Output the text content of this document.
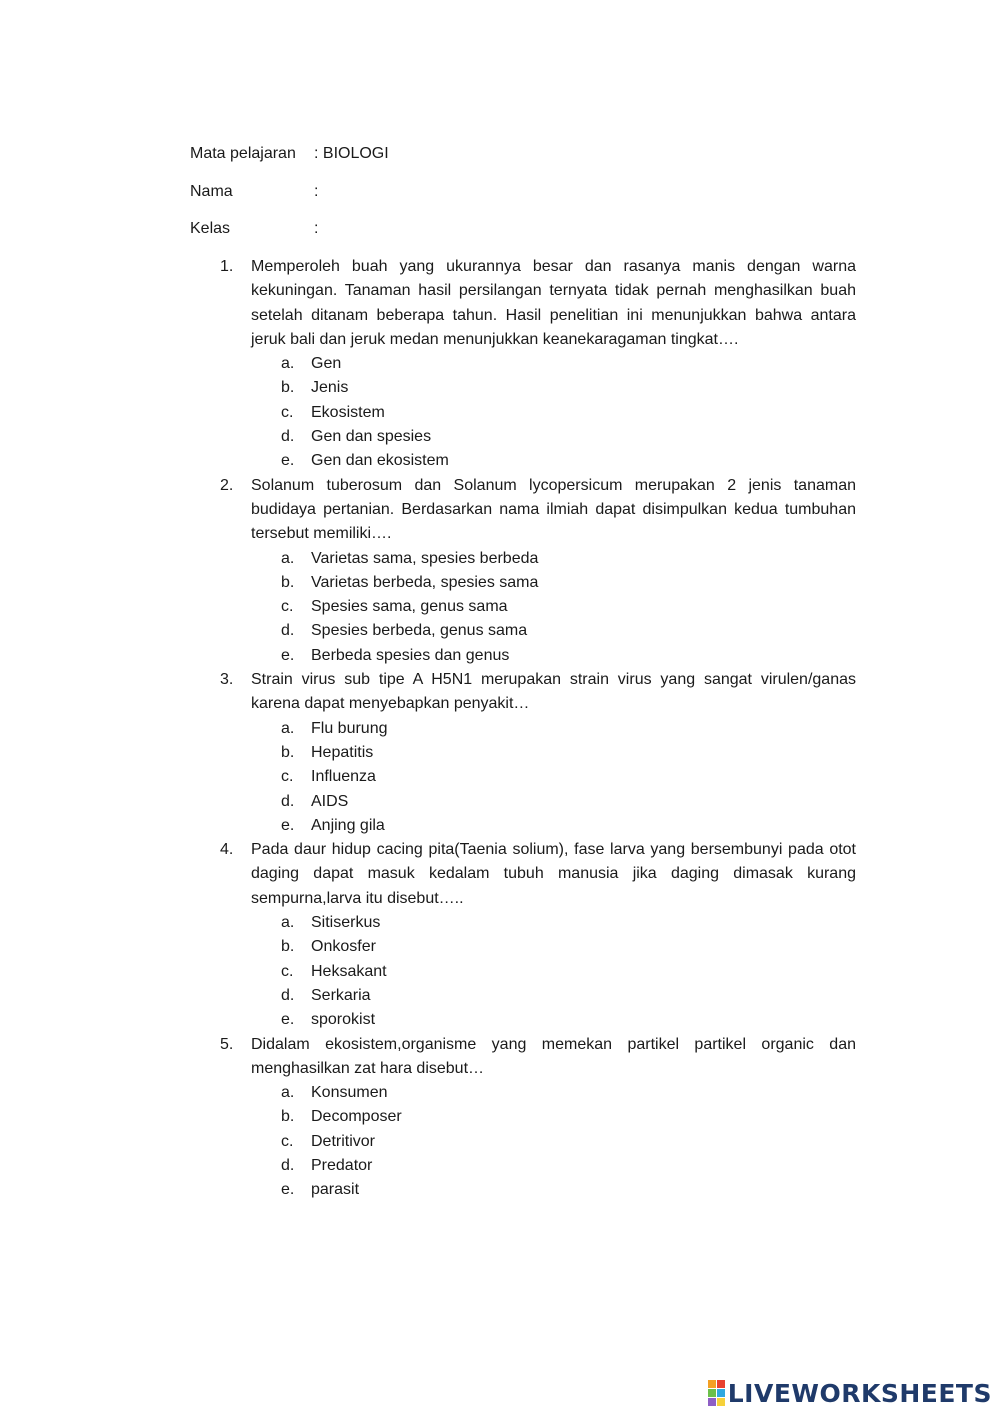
Mata pelajaran : BIOLOGI
Nama	:
Kelas	:
1. Memperoleh buah yang ukurannya besar dan rasanya manis dengan warna kekuningan. Tanaman hasil persilangan ternyata tidak pernah menghasilkan buah setelah ditanam beberapa tahun. Hasil penelitian ini menunjukkan bahwa antara jeruk bali dan jeruk medan menunjukkan keanekaragaman tingkat….
a. Gen
b. Jenis
c. Ekosistem
d. Gen dan spesies
e. Gen dan ekosistem
2. Solanum tuberosum dan Solanum lycopersicum merupakan 2 jenis tanaman budidaya pertanian. Berdasarkan nama ilmiah dapat disimpulkan kedua tumbuhan tersebut memiliki….
a. Varietas sama, spesies berbeda
b. Varietas berbeda, spesies sama
c. Spesies sama, genus sama
d. Spesies berbeda, genus sama
e. Berbeda spesies dan genus
3. Strain virus sub tipe A H5N1 merupakan strain virus yang sangat virulen/ganas karena dapat menyebapkan penyakit…
a. Flu burung
b. Hepatitis
c. Influenza
d. AIDS
e. Anjing gila
4. Pada daur hidup cacing pita(Taenia solium), fase larva yang bersembunyi pada otot daging dapat masuk kedalam tubuh manusia jika daging dimasak kurang sempurna,larva itu disebut…..
a. Sitiserkus
b. Onkosfer
c. Heksakant
d. Serkaria
e. sporokist
5. Didalam ekosistem,organisme yang memekan partikel partikel organic dan menghasilkan zat hara disebut…
a. Konsumen
b. Decomposer
c. Detritivor
d. Predator
e. parasit
LIVEWORKSHEETS
